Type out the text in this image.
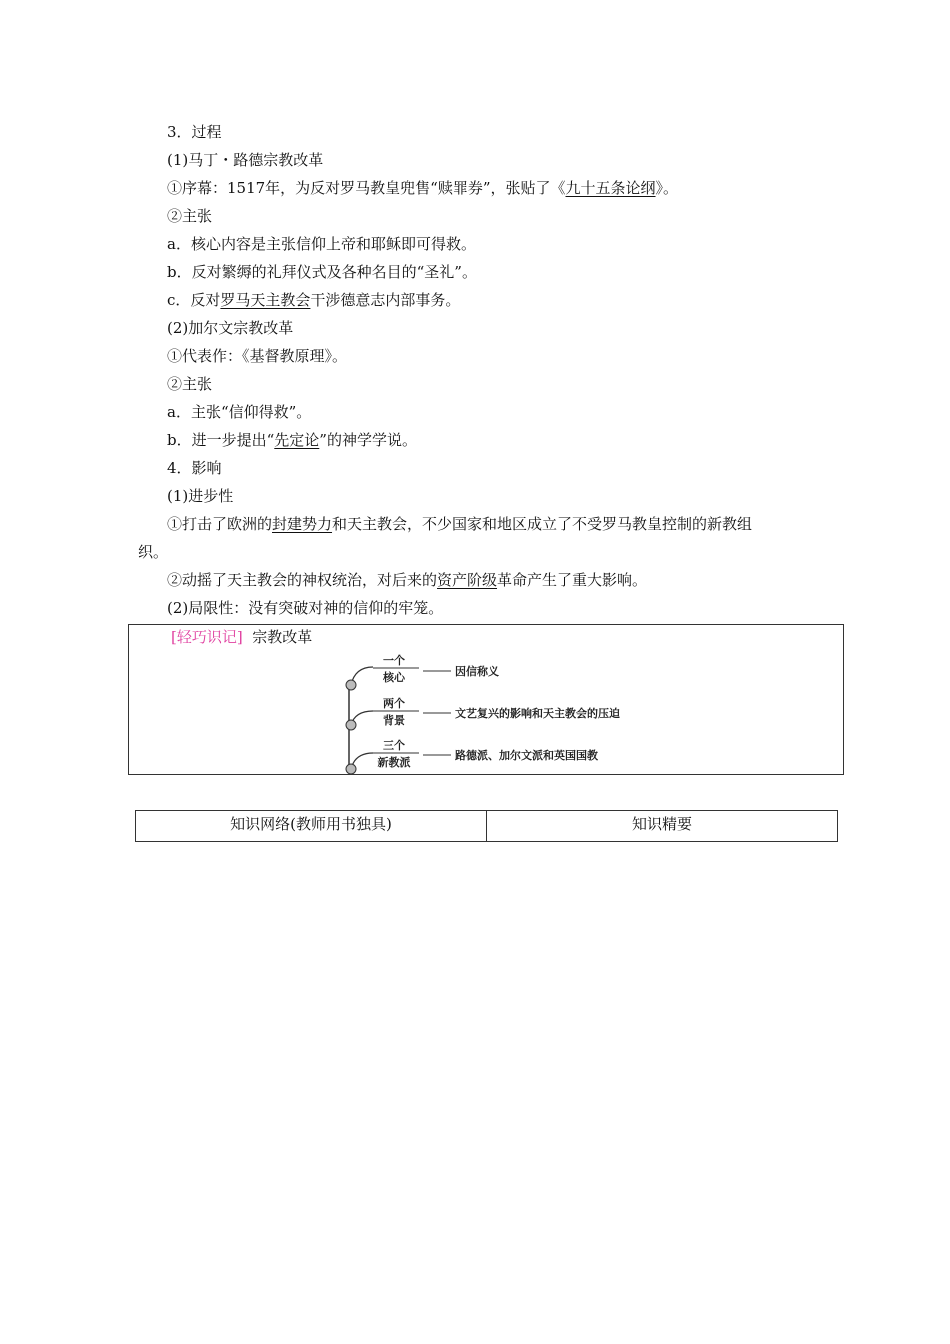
3．过程
(1)马丁・路德宗教改革
①序幕：1517年，为反对罗马教皇兜售“赎罪券”，张贴了《九十五条论纲》。
②主张
a．核心内容是主张信仰上帝和耶稣即可得救。
b．反对繁缛的礼拜仪式及各种名目的“圣礼”。
c．反对罗马天主教会干涉德意志内部事务。
(2)加尔文宗教改革
①代表作：《基督教原理》。
②主张
a．主张“信仰得救”。
b．进一步提出“先定论”的神学学说。
4．影响
(1)进步性
①打击了欧洲的封建势力和天主教会，不少国家和地区成立了不受罗马教皇控制的新教组
织。
②动摇了天主教会的神权统治，对后来的资产阶级革命产生了重大影响。
(2)局限性：没有突破对神的信仰的牢笼。
[轻巧识记] 宗教改革
一个
核心	因信称义
两个
背景
文艺复兴的影响和天主教会的压迫
三个
新教派
路德派、加尔文派和英国国教
知识网络(教师用书独具)	知识精要
